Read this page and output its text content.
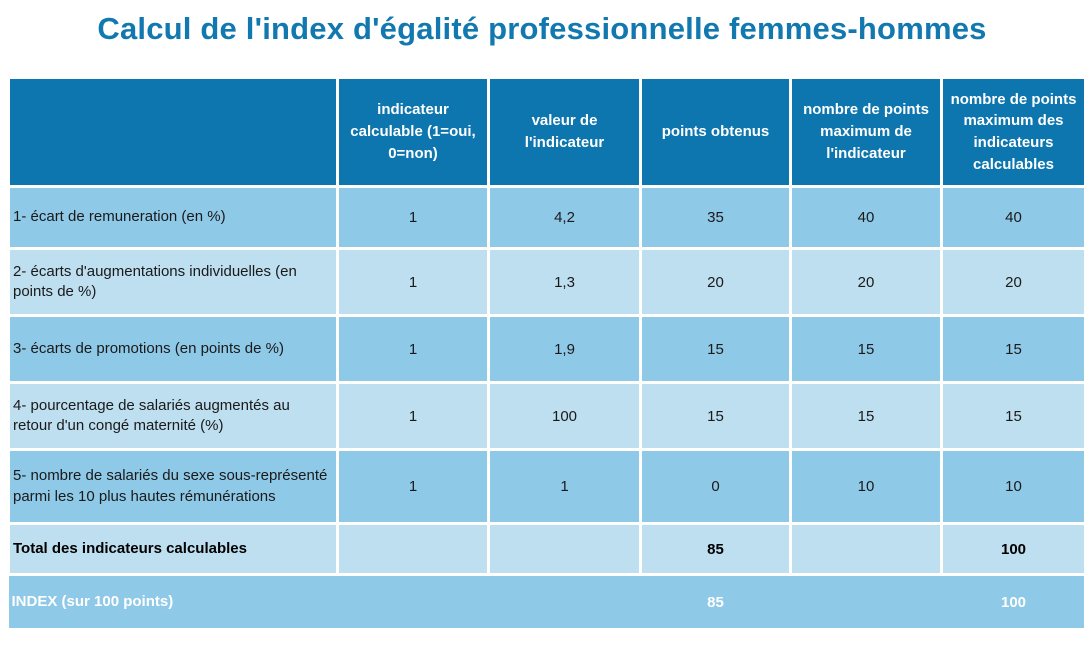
Calcul de l'index d'égalité professionnelle femmes-hommes
	indicateur calculable (1=oui, 0=non)	valeur de l'indicateur	points obtenus	nombre de points maximum de l'indicateur	nombre de points maximum des indicateurs calculables
1- écart de remuneration (en %)	1	4,2	35	40	40
2- écarts d'augmentations individuelles (en points de %)	1	1,3	20	20	20
3- écarts de promotions (en points de %)	1	1,9	15	15	15
4- pourcentage de salariés augmentés au retour d'un congé maternité (%)	1	100	15	15	15
5- nombre de salariés du sexe sous-représenté parmi les 10 plus hautes rémunérations	1	1	0	10	10
Total des indicateurs calculables			85		100
INDEX (sur 100 points)			85		100
